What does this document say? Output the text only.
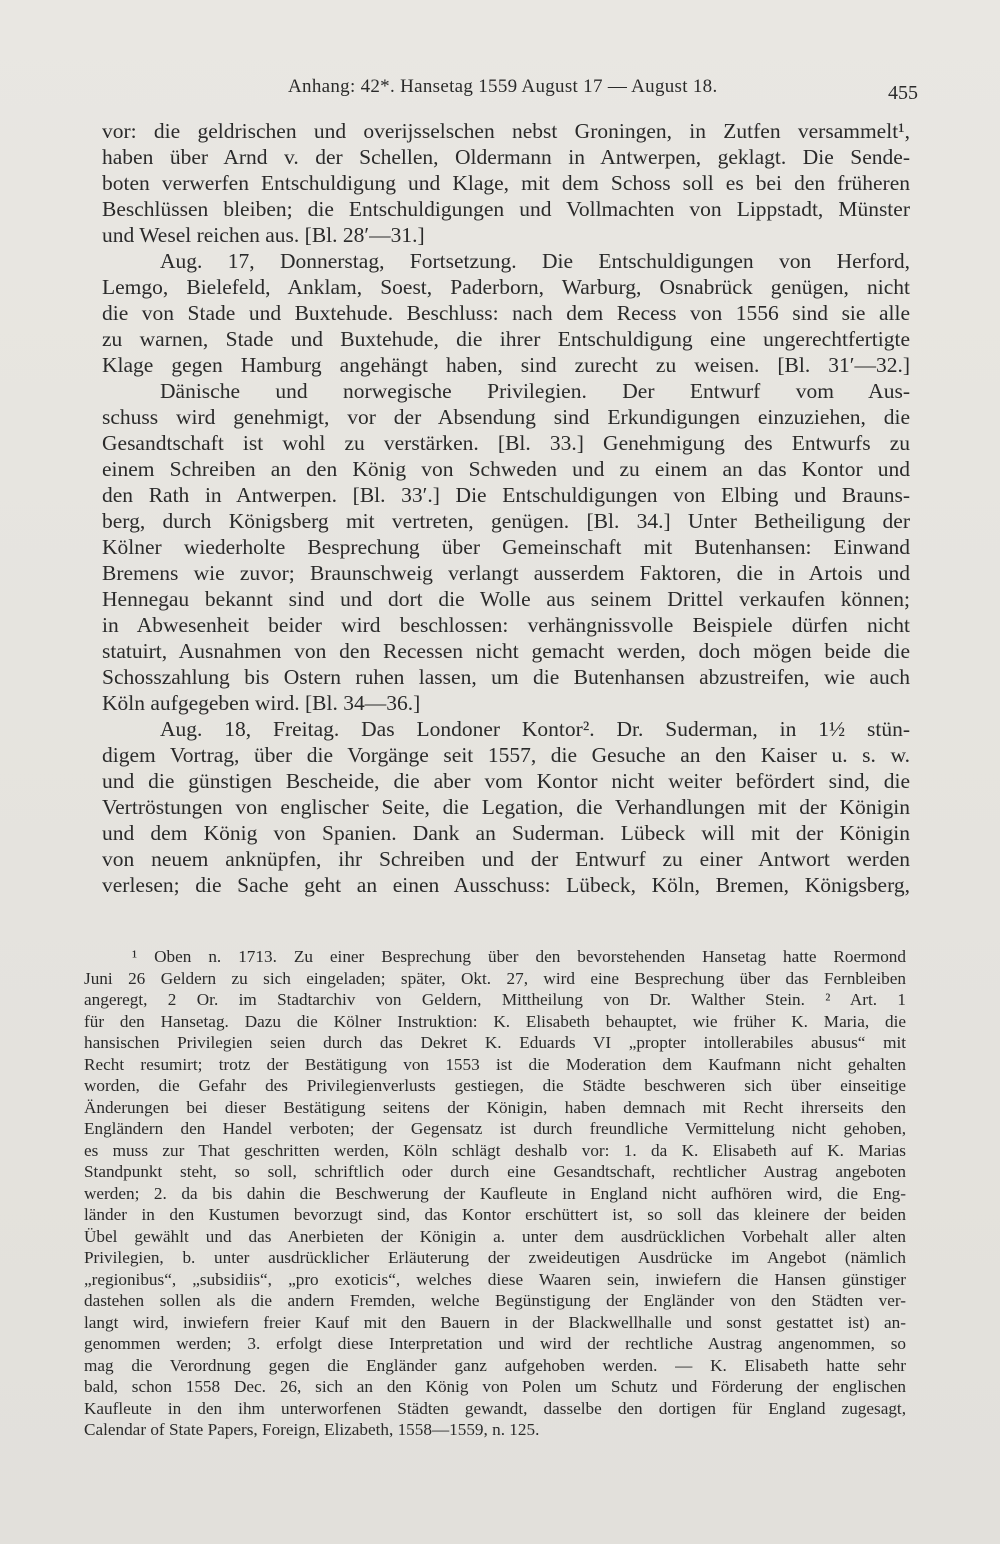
Anhang: 42*. Hansetag 1559 August 17 — August 18.	455
vor: die geldrischen und overijsselschen nebst Groningen, in Zutfen versammelt¹,
haben über Arnd v. der Schellen, Oldermann in Antwerpen, geklagt. Die Sende-
boten verwerfen Entschuldigung und Klage, mit dem Schoss soll es bei den früheren
Beschlüssen bleiben; die Entschuldigungen und Vollmachten von Lippstadt, Münster
und Wesel reichen aus. [Bl. 28′—31.]
Aug. 17, Donnerstag, Fortsetzung. Die Entschuldigungen von Herford,
Lemgo, Bielefeld, Anklam, Soest, Paderborn, Warburg, Osnabrück genügen, nicht
die von Stade und Buxtehude. Beschluss: nach dem Recess von 1556 sind sie alle
zu warnen, Stade und Buxtehude, die ihrer Entschuldigung eine ungerechtfertigte
Klage gegen Hamburg angehängt haben, sind zurecht zu weisen. [Bl. 31′—32.]
Dänische und norwegische Privilegien. Der Entwurf vom Aus-
schuss wird genehmigt, vor der Absendung sind Erkundigungen einzuziehen, die
Gesandtschaft ist wohl zu verstärken. [Bl. 33.] Genehmigung des Entwurfs zu
einem Schreiben an den König von Schweden und zu einem an das Kontor und
den Rath in Antwerpen. [Bl. 33′.] Die Entschuldigungen von Elbing und Brauns-
berg, durch Königsberg mit vertreten, genügen. [Bl. 34.] Unter Betheiligung der
Kölner wiederholte Besprechung über Gemeinschaft mit Butenhansen: Einwand
Bremens wie zuvor; Braunschweig verlangt ausserdem Faktoren, die in Artois und
Hennegau bekannt sind und dort die Wolle aus seinem Drittel verkaufen können;
in Abwesenheit beider wird beschlossen: verhängnissvolle Beispiele dürfen nicht
statuirt, Ausnahmen von den Recessen nicht gemacht werden, doch mögen beide die
Schosszahlung bis Ostern ruhen lassen, um die Butenhansen abzustreifen, wie auch
Köln aufgegeben wird. [Bl. 34—36.]
Aug. 18, Freitag. Das Londoner Kontor². Dr. Suderman, in 1½ stün-
digem Vortrag, über die Vorgänge seit 1557, die Gesuche an den Kaiser u. s. w.
und die günstigen Bescheide, die aber vom Kontor nicht weiter befördert sind, die
Vertröstungen von englischer Seite, die Legation, die Verhandlungen mit der Königin
und dem König von Spanien. Dank an Suderman. Lübeck will mit der Königin
von neuem anknüpfen, ihr Schreiben und der Entwurf zu einer Antwort werden
verlesen; die Sache geht an einen Ausschuss: Lübeck, Köln, Bremen, Königsberg,
¹ Oben n. 1713. Zu einer Besprechung über den bevorstehenden Hansetag hatte Roermond
Juni 26 Geldern zu sich eingeladen; später, Okt. 27, wird eine Besprechung über das Fernbleiben
angeregt, 2 Or. im Stadtarchiv von Geldern, Mittheilung von Dr. Walther Stein. ² Art. 1
für den Hansetag. Dazu die Kölner Instruktion: K. Elisabeth behauptet, wie früher K. Maria, die
hansischen Privilegien seien durch das Dekret K. Eduards VI „propter intollerabiles abusus“ mit
Recht resumirt; trotz der Bestätigung von 1553 ist die Moderation dem Kaufmann nicht gehalten
worden, die Gefahr des Privilegienverlusts gestiegen, die Städte beschweren sich über einseitige
Änderungen bei dieser Bestätigung seitens der Königin, haben demnach mit Recht ihrerseits den
Engländern den Handel verboten; der Gegensatz ist durch freundliche Vermittelung nicht gehoben,
es muss zur That geschritten werden, Köln schlägt deshalb vor: 1. da K. Elisabeth auf K. Marias
Standpunkt steht, so soll, schriftlich oder durch eine Gesandtschaft, rechtlicher Austrag angeboten
werden; 2. da bis dahin die Beschwerung der Kaufleute in England nicht aufhören wird, die Eng-
länder in den Kustumen bevorzugt sind, das Kontor erschüttert ist, so soll das kleinere der beiden
Übel gewählt und das Anerbieten der Königin a. unter dem ausdrücklichen Vorbehalt aller alten
Privilegien, b. unter ausdrücklicher Erläuterung der zweideutigen Ausdrücke im Angebot (nämlich
„regionibus“, „subsidiis“, „pro exoticis“, welches diese Waaren sein, inwiefern die Hansen günstiger
dastehen sollen als die andern Fremden, welche Begünstigung der Engländer von den Städten ver-
langt wird, inwiefern freier Kauf mit den Bauern in der Blackwellhalle und sonst gestattet ist) an-
genommen werden; 3. erfolgt diese Interpretation und wird der rechtliche Austrag angenommen, so
mag die Verordnung gegen die Engländer ganz aufgehoben werden. — K. Elisabeth hatte sehr
bald, schon 1558 Dec. 26, sich an den König von Polen um Schutz und Förderung der englischen
Kaufleute in den ihm unterworfenen Städten gewandt, dasselbe den dortigen für England zugesagt,
Calendar of State Papers, Foreign, Elizabeth, 1558—1559, n. 125.
